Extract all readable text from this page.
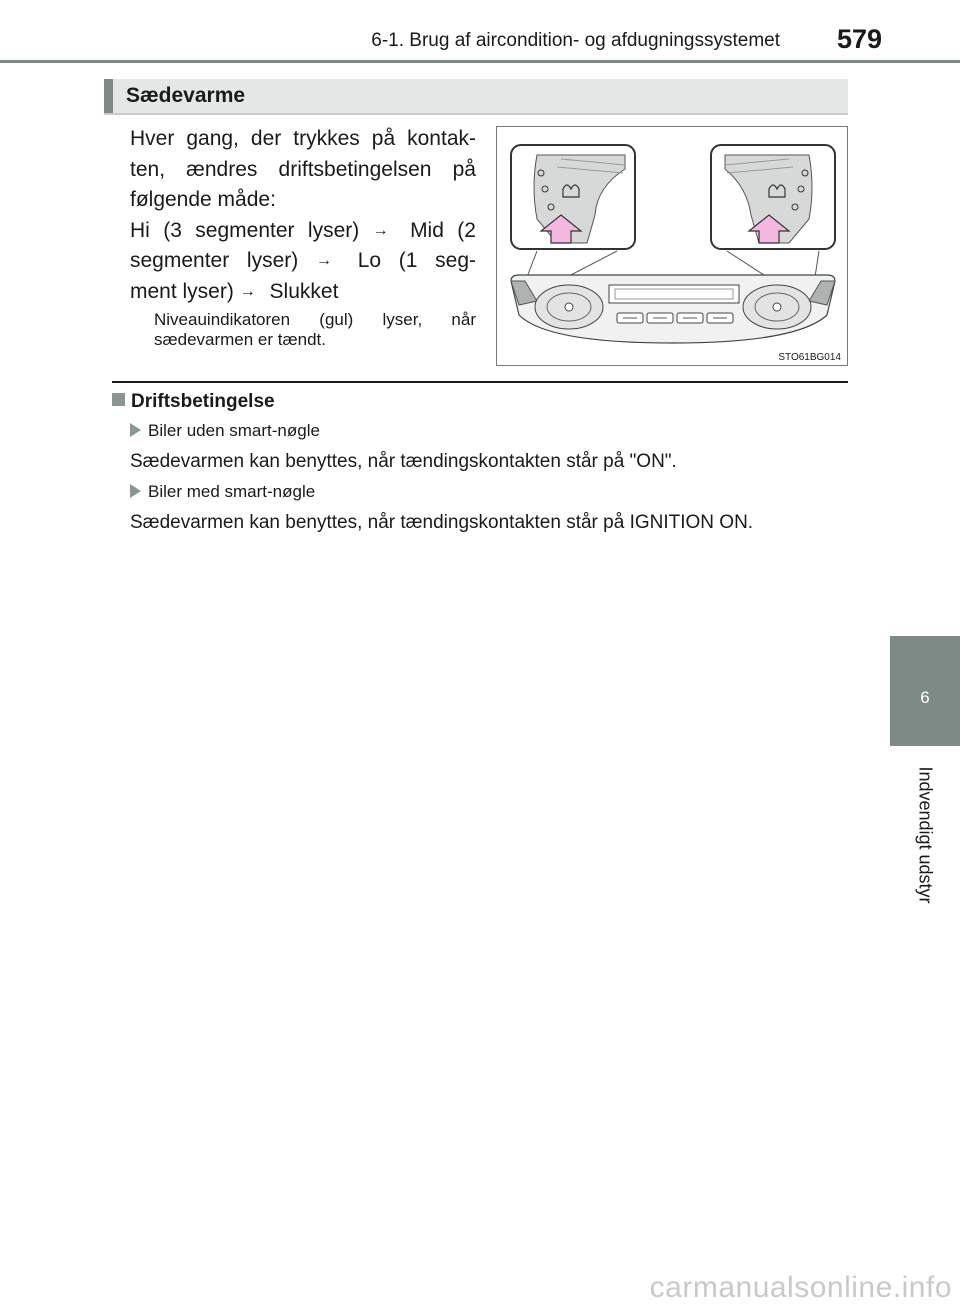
6-1. Brug af aircondition- og afdugningssystemet	579
Sædevarme
Hver gang, der trykkes på kontak-
ten, ændres driftsbetingelsen på
følgende måde:
Hi (3 segmenter lyser) → Mid (2
segmenter lyser) → Lo (1 seg-
ment lyser) → Slukket
Niveauindikatoren (gul) lyser, når
sædevarmen er tændt.
STO61BG014
Driftsbetingelse
Biler uden smart-nøgle
Sædevarmen kan benyttes, når tændingskontakten står på "ON".
Biler med smart-nøgle
Sædevarmen kan benyttes, når tændingskontakten står på IGNITION ON.
6
Indvendigt udstyr
carmanualsonline.info
